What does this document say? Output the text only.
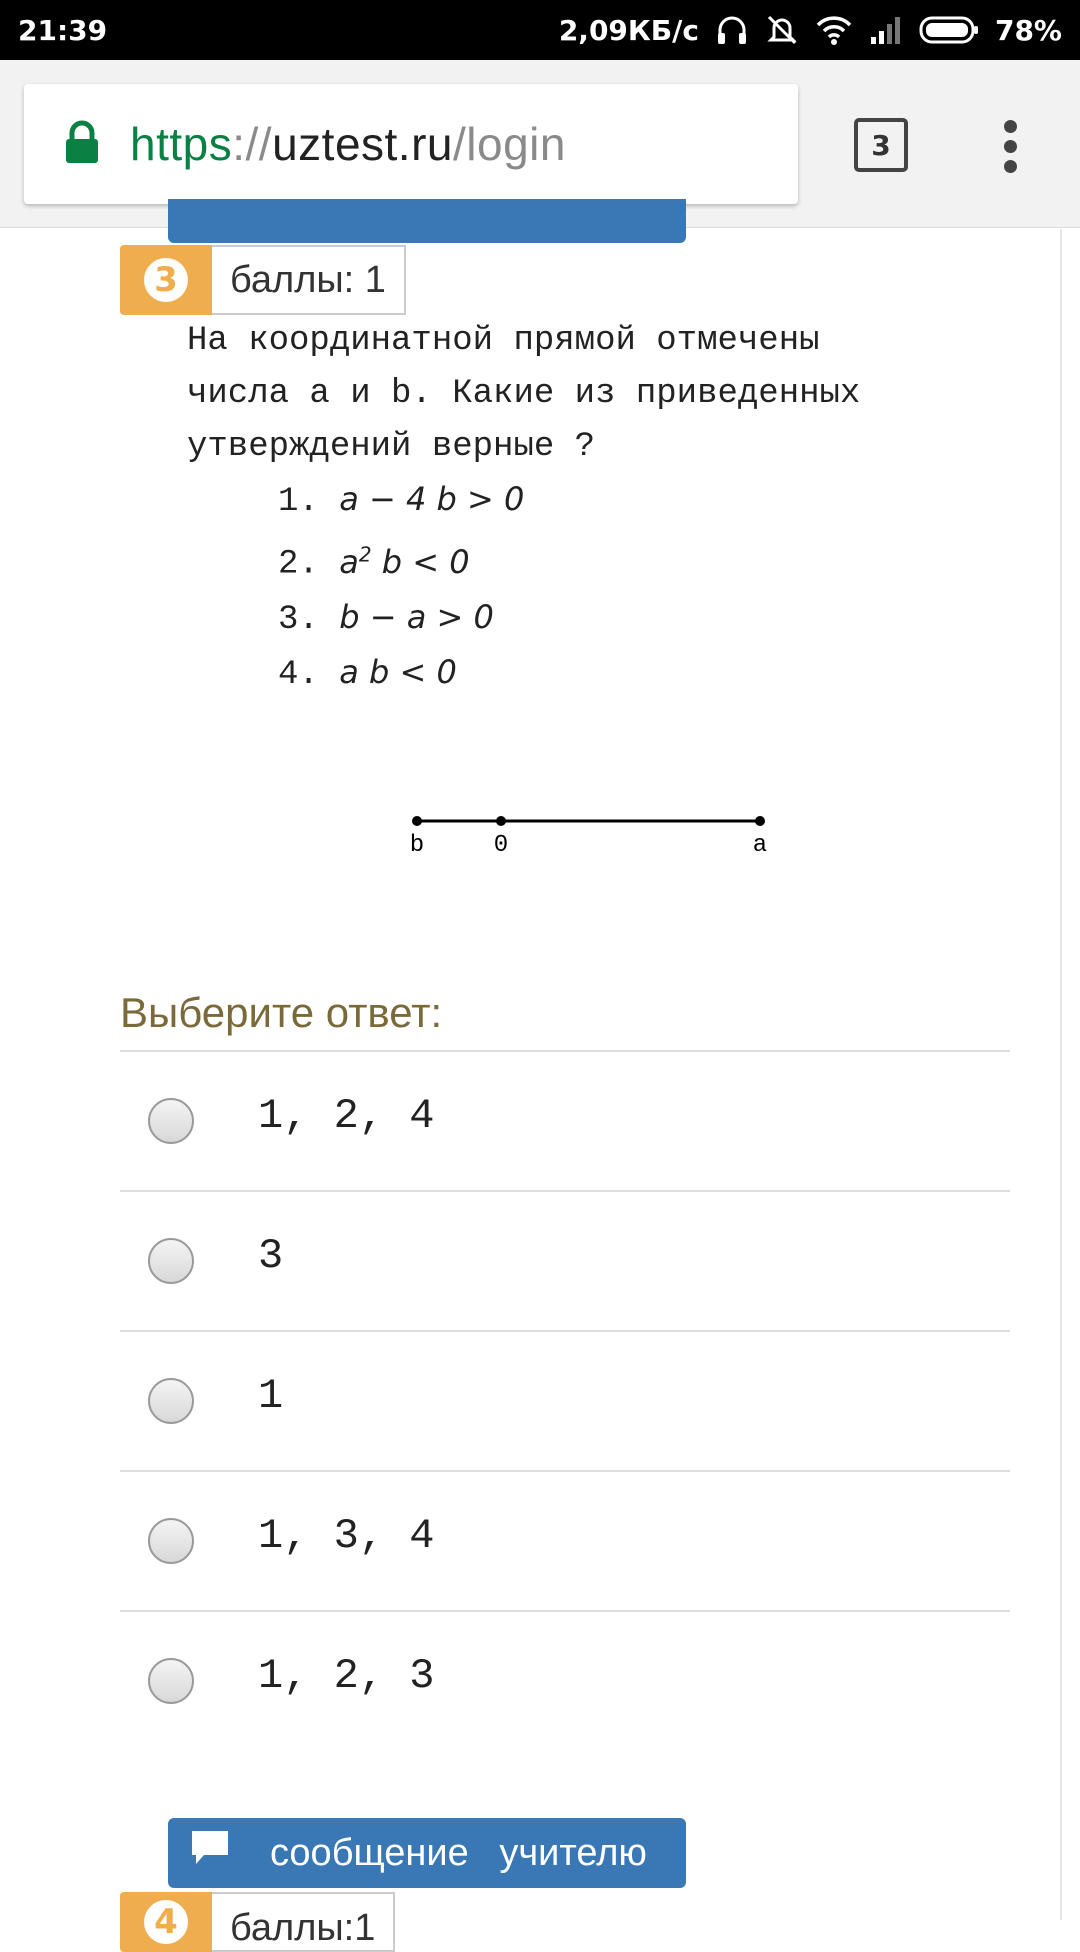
21:39	2,09КБ/с	78%
https://uztest.ru/login	3
3	баллы: 1
На координатной прямой отмечены
числа a и b. Какие из приведенных
утверждений верные ?
1. a − 4 b > 0
2. $a^2$ b < 0
3. b − a > 0
4. a b < 0
b	0	a
Выберите ответ:
1, 2, 4
3
1
1, 3, 4
1, 2, 3
сообщение учителю
4	баллы:1
